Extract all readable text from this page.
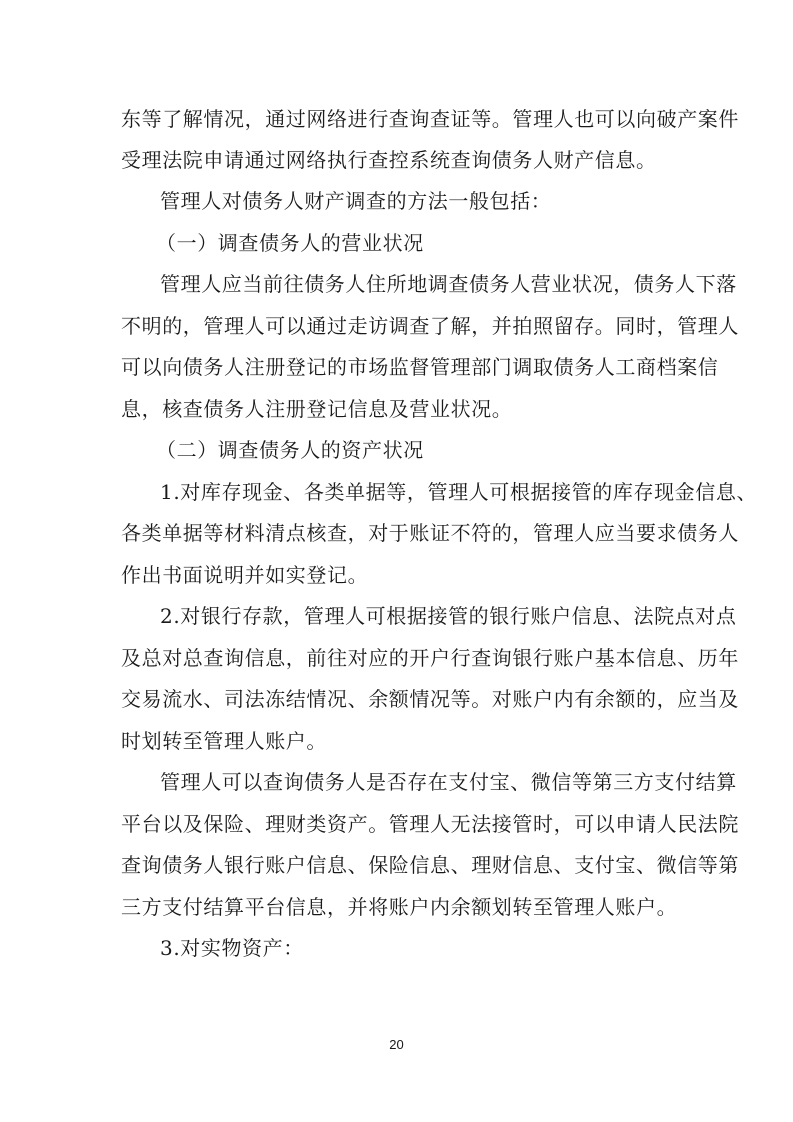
东等了解情况，通过网络进行查询查证等。管理人也可以向破产案件
受理法院申请通过网络执行查控系统查询债务人财产信息。
管理人对债务人财产调查的方法一般包括：
（一）调查债务人的营业状况
管理人应当前往债务人住所地调查债务人营业状况，债务人下落
不明的，管理人可以通过走访调查了解，并拍照留存。同时，管理人
可以向债务人注册登记的市场监督管理部门调取债务人工商档案信
息，核查债务人注册登记信息及营业状况。
（二）调查债务人的资产状况
1.对库存现金、各类单据等，管理人可根据接管的库存现金信息、
各类单据等材料清点核查，对于账证不符的，管理人应当要求债务人
作出书面说明并如实登记。
2.对银行存款，管理人可根据接管的银行账户信息、法院点对点
及总对总查询信息，前往对应的开户行查询银行账户基本信息、历年
交易流水、司法冻结情况、余额情况等。对账户内有余额的，应当及
时划转至管理人账户。
管理人可以查询债务人是否存在支付宝、微信等第三方支付结算
平台以及保险、理财类资产。管理人无法接管时，可以申请人民法院
查询债务人银行账户信息、保险信息、理财信息、支付宝、微信等第
三方支付结算平台信息，并将账户内余额划转至管理人账户。
3.对实物资产：
20
